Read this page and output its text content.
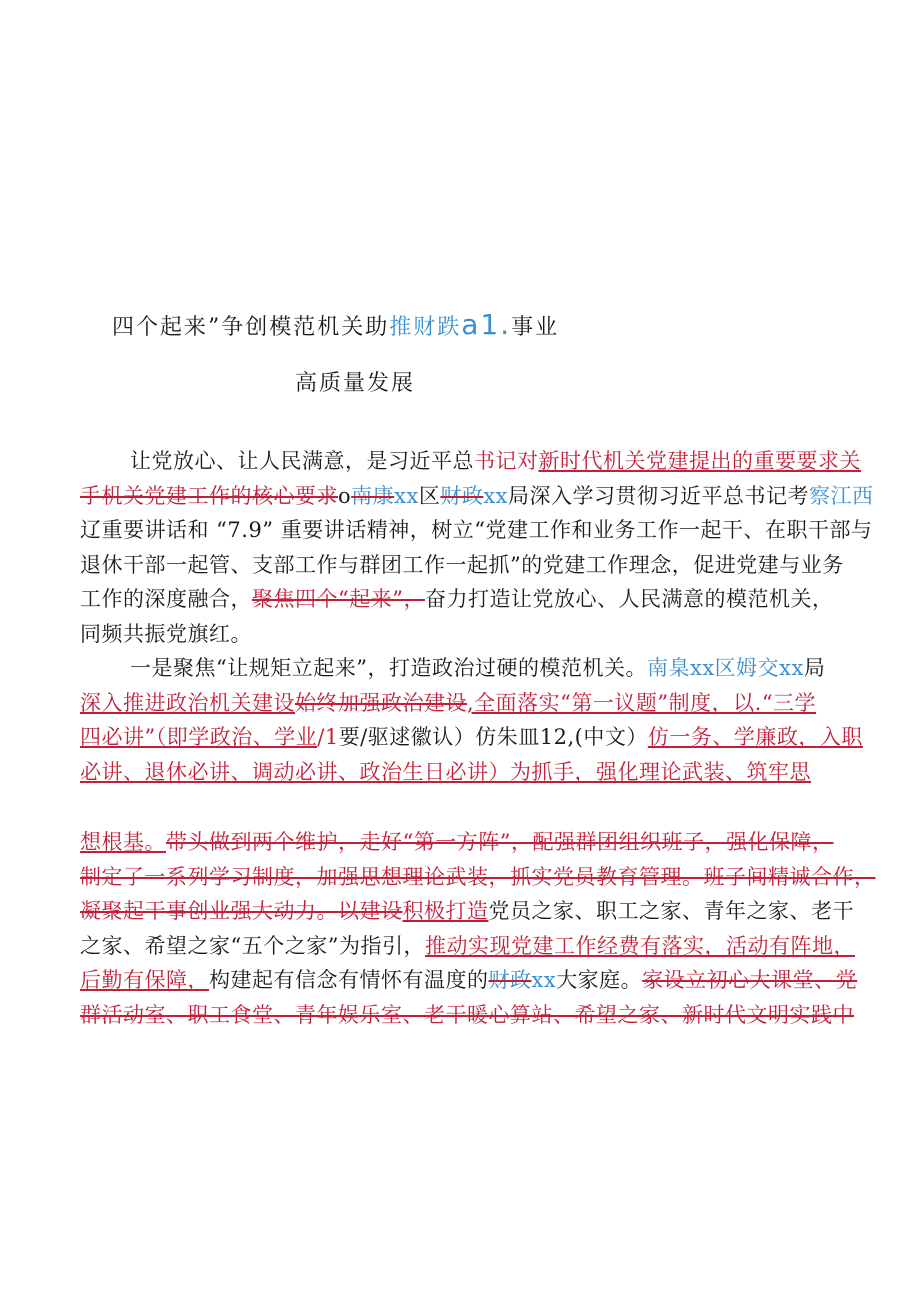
四个起来”争创模范机关助推财跌a1.事业
高质量发展
让党放心、让人民满意，是习近平总书记对新时代机关党建提出的重要要求关
手机关党建工作的核心要求o南康xx区财政xx局深入学习贯彻习近平总书记考察江西
辽重要讲话和 “7.9” 重要讲话精神，树立“党建工作和业务工作一起干、在职干部与
退休干部一起管、支部工作与群团工作一起抓”的党建工作理念，促进党建与业务
工作的深度融合，聚焦四个“起来”，奋力打造让党放心、人民满意的模范机关，
同频共振党旗红。
一是聚焦“让规矩立起来”，打造政治过硬的模范机关。南臬xx区姆交xx局
深入推进政治机关建设始终加强政治建设,全面落实“第一议题”制度，以.“三学
四必讲”（即学政治、学业/1要/驱逑徽认）仿朱皿12,(中文）仿一务、学廉政，入职
必讲、退休必讲、调动必讲、政治生日必讲）为抓手，强化理论武装、筑牢思
想根基。带头做到两个维护，走好“第一方阵”，配强群团组织班子，强化保障，
制定了一系列学习制度，加强思想理论武装，抓实党员教育管理。班子间精诚合作，
凝聚起干事创业强大动力。以建设积极打造党员之家、职工之家、青年之家、老干
之家、希望之家“五个之家”为指引，推动实现党建工作经费有落实，活动有阵地，
后勤有保障，构建起有信念有情怀有温度的财政xx大家庭。家设立初心大课堂、党
群活动室、职工食堂、青年娱乐室、老干暖心算站、希望之家、新时代文明实践中
